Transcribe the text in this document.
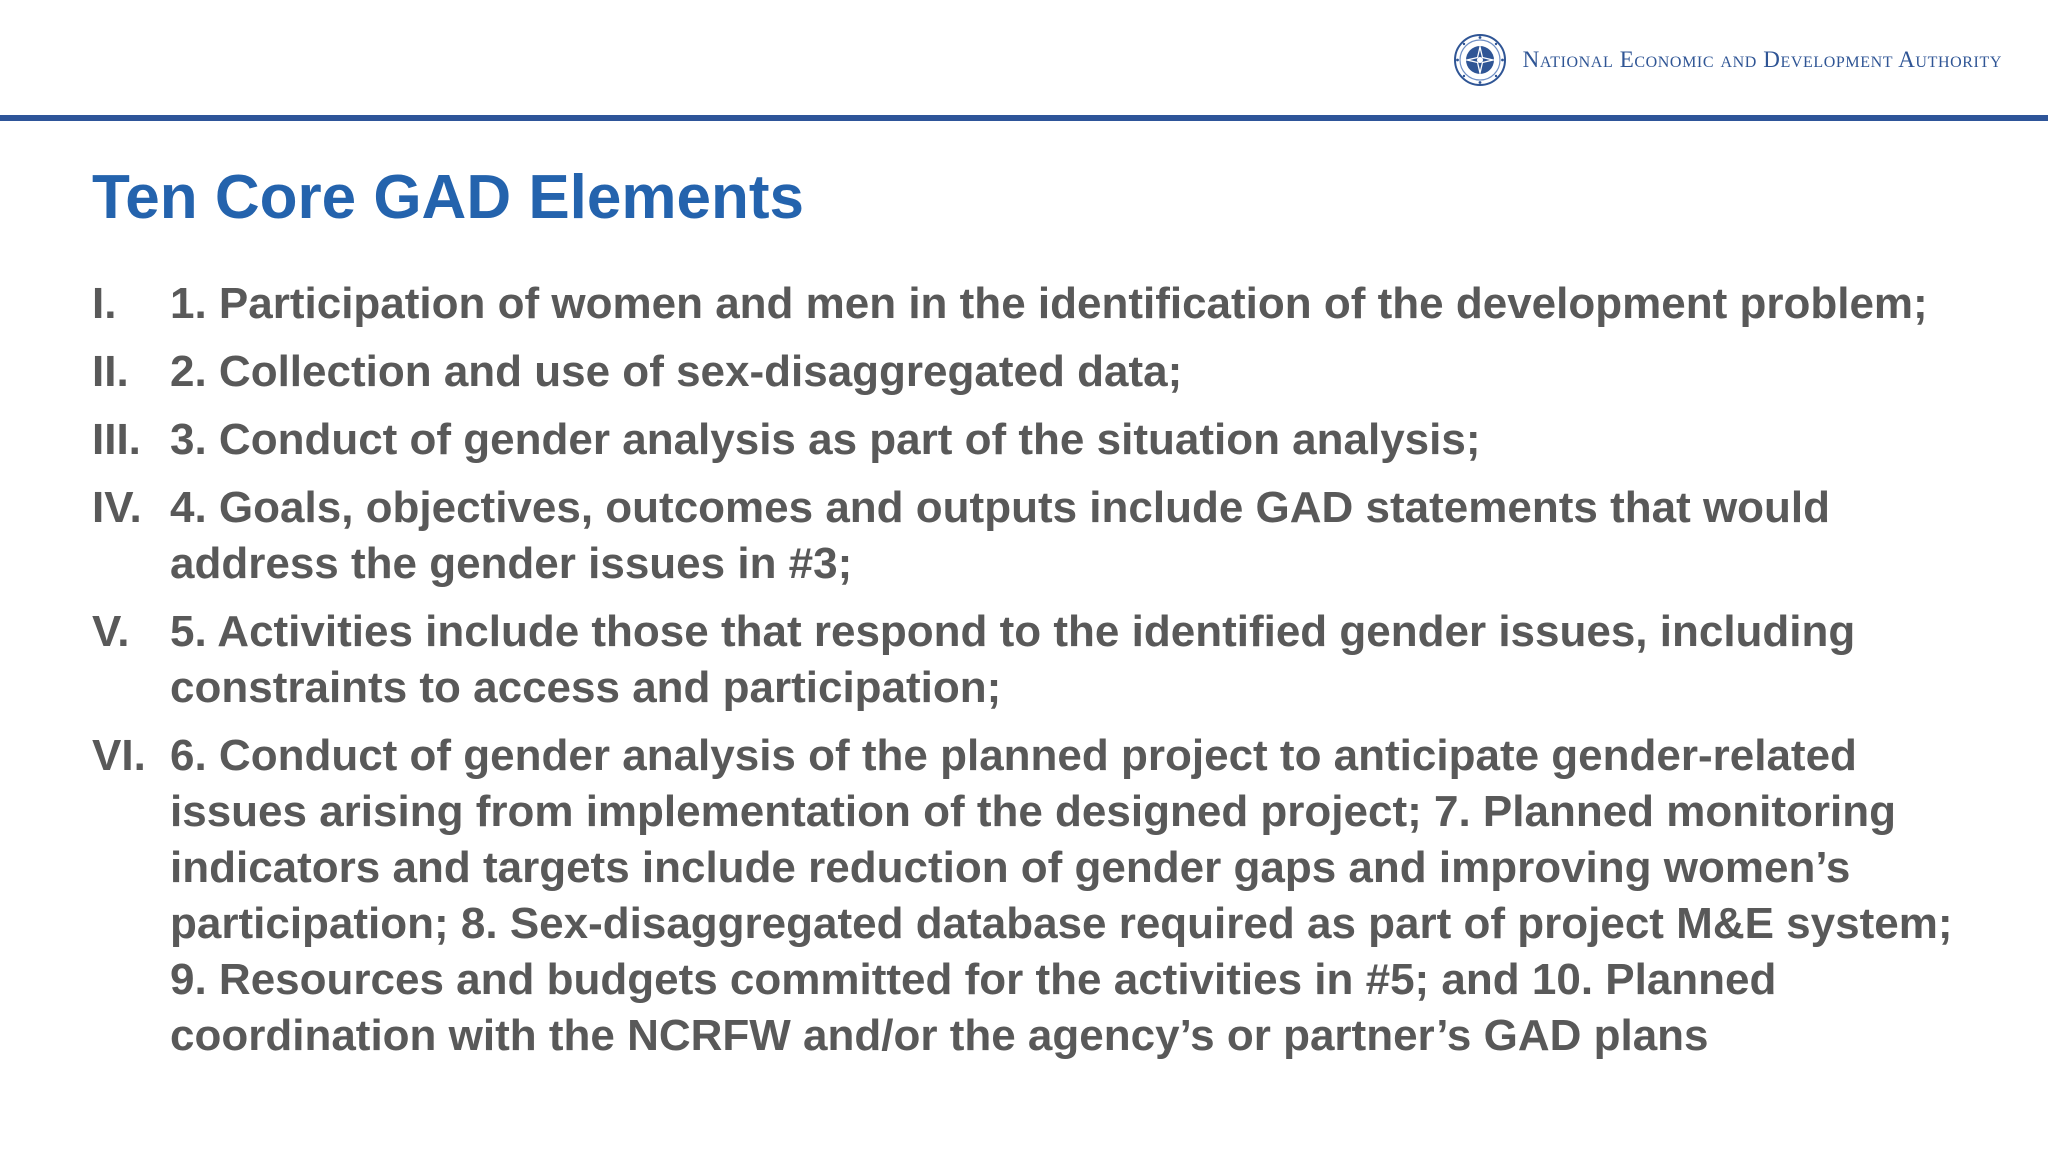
National Economic and Development Authority
Ten Core GAD Elements
I.	1. Participation of women and men in the identification of the development problem;
II. 2. Collection and use of sex-disaggregated data;
III. 3. Conduct of gender analysis as part of the situation analysis;
IV. 4. Goals, objectives, outcomes and outputs include GAD statements that would address the gender issues in #3;
V. 5. Activities include those that respond to the identified gender issues, including constraints to access and participation;
VI. 6. Conduct of gender analysis of the planned project to anticipate gender-related issues arising from implementation of the designed project; 7. Planned monitoring indicators and targets include reduction of gender gaps and improving women’s participation; 8. Sex-disaggregated database required as part of project M&E system; 9. Resources and budgets committed for the activities in #5; and 10. Planned coordination with the NCRFW and/or the agency’s or partner’s GAD plans
